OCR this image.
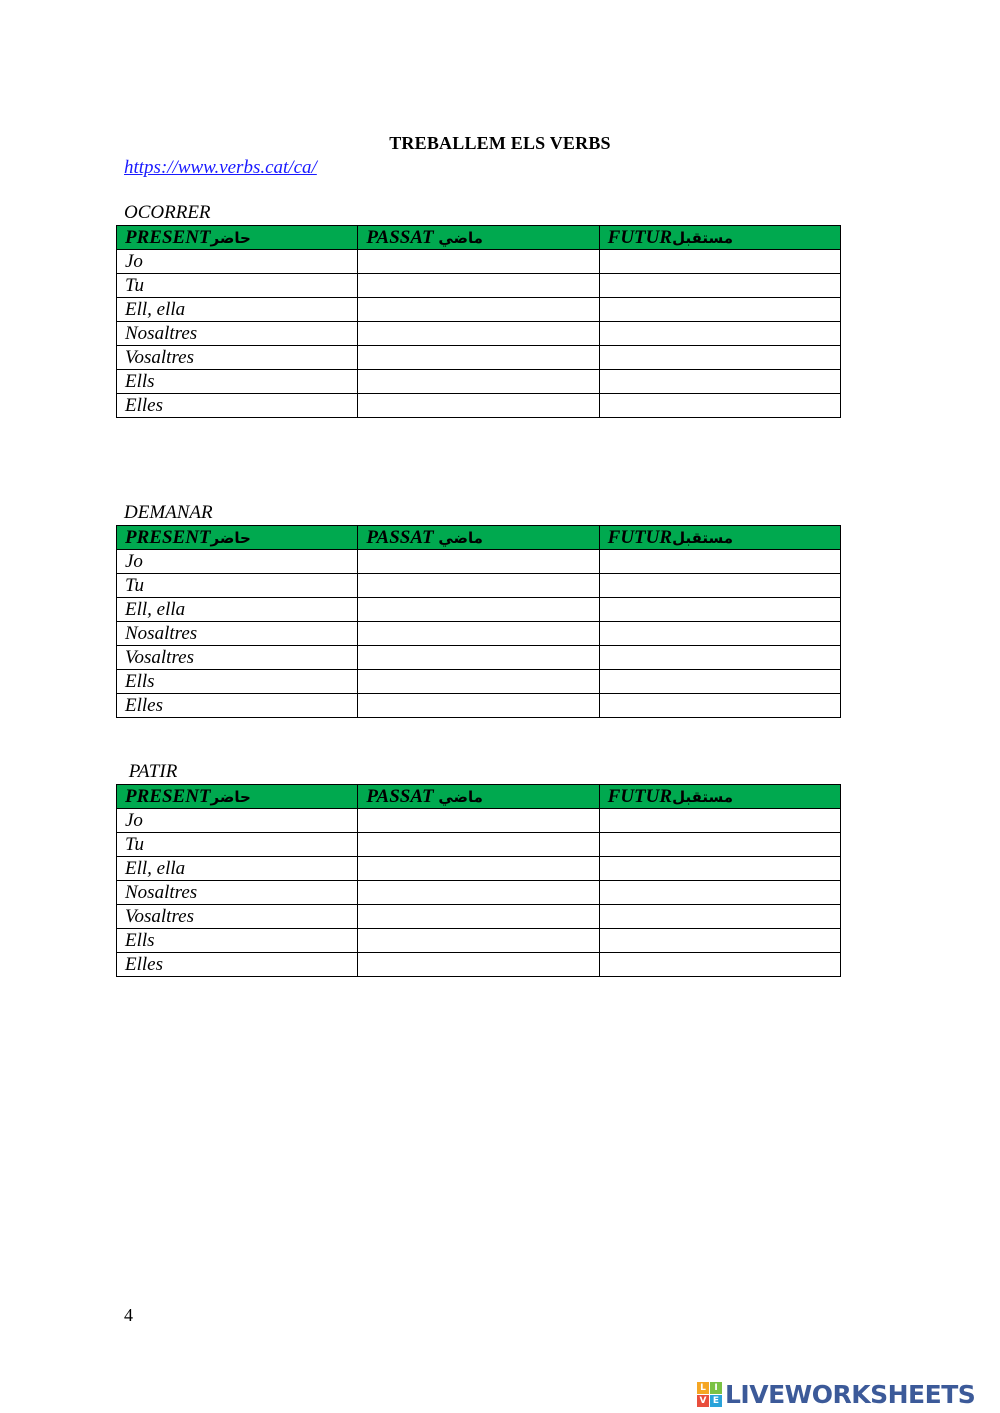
TREBALLEM ELS VERBS
https://www.verbs.cat/ca/
OCORRER
PRESENTحاضر	PASSAT ماضي	FUTURمستقبل
Jo		
Tu		
Ell, ella		
Nosaltres		
Vosaltres		
Ells		
Elles		
DEMANAR
PRESENTحاضر	PASSAT ماضي	FUTURمستقبل
Jo		
Tu		
Ell, ella		
Nosaltres		
Vosaltres		
Ells		
Elles		
PATIR
PRESENTحاضر	PASSAT ماضي	FUTURمستقبل
Jo		
Tu		
Ell, ella		
Nosaltres		
Vosaltres		
Ells		
Elles		
4
L I
V E LIVEWORKSHEETS
